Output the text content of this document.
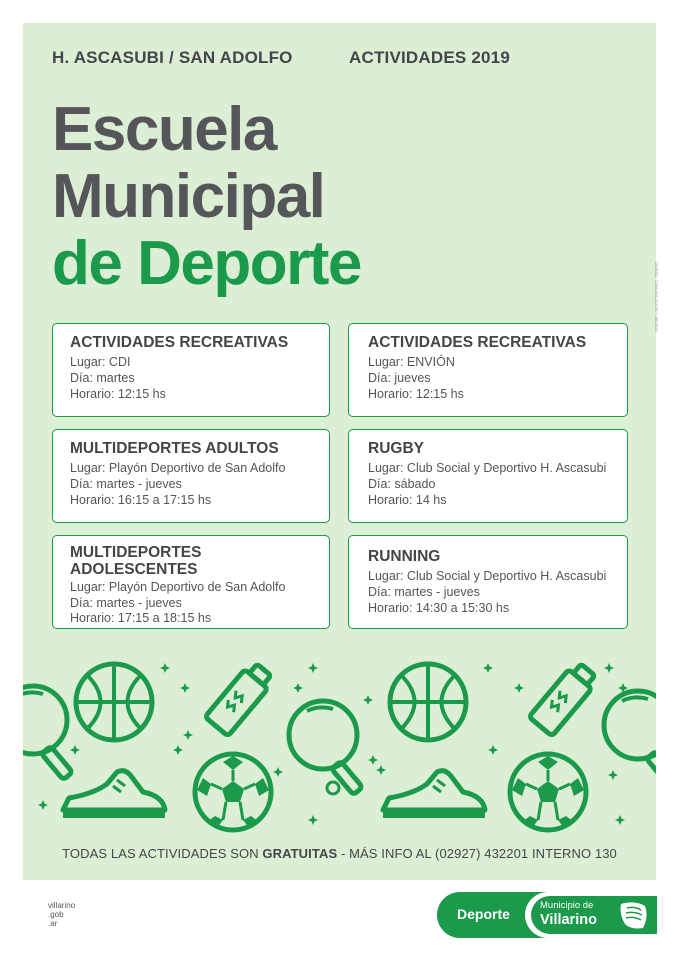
H. ASCASUBI / SAN ADOLFO	ACTIVIDADES 2019
Escuela
Municipal
de Deporte	DISEÑO: COMUNICACIÓN Y MEDIOS
ACTIVIDADES RECREATIVAS
Lugar: CDI
Día: martes
Horario: 12:15 hs
ACTIVIDADES RECREATIVAS
Lugar: ENVIÓN
Día: jueves
Horario: 12:15 hs
MULTIDEPORTES ADULTOS
Lugar: Playón Deportivo de San Adolfo
Día: martes - jueves
Horario: 16:15 a 17:15 hs
RUGBY
Lugar: Club Social y Deportivo H. Ascasubi
Día: sábado
Horario: 14 hs
MULTIDEPORTES
ADOLESCENTES
Lugar: Playón Deportivo de San Adolfo
Día: martes - jueves
Horario: 17:15 a 18:15 hs
RUNNING
Lugar: Club Social y Deportivo H. Ascasubi
Día: martes - jueves
Horario: 14:30 a 15:30 hs
TODAS LAS ACTIVIDADES SON GRATUITAS - MÁS INFO AL (02927) 432201 INTERNO 130
villarino
.gob
.ar
Deporte
Municipio de
Villarino
